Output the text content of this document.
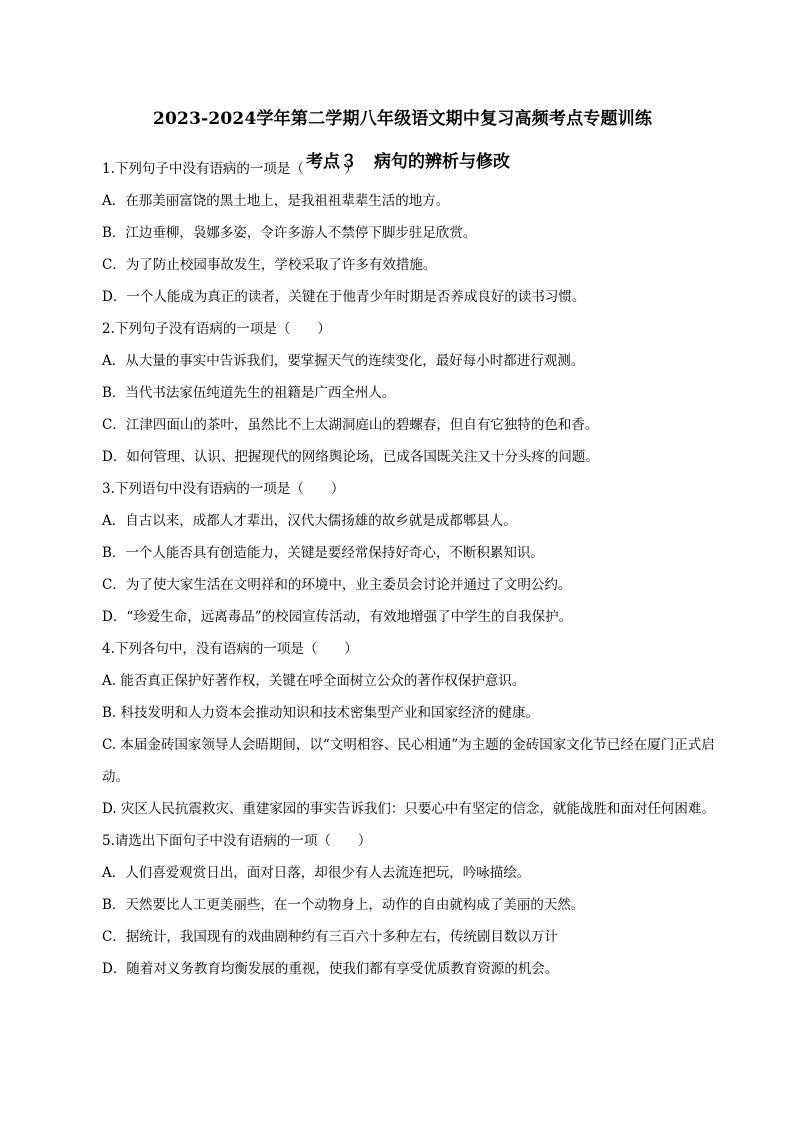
2023-2024学年第二学期八年级语文期中复习高频考点专题训练
考点３　病句的辨析与修改
1.下列句子中没有语病的一项是（　　　）
A．在那美丽富饶的黑土地上，是我祖祖辈辈生活的地方。
B．江边垂柳，袅娜多姿，令许多游人不禁停下脚步驻足欣赏。
C．为了防止校园事故发生，学校采取了许多有效措施。
D．一个人能成为真正的读者，关键在于他青少年时期是否养成良好的读书习惯。
2.下列句子没有语病的一项是（　　）
A．从大量的事实中告诉我们，要掌握天气的连续变化，最好每小时都进行观测。
B．当代书法家伍纯道先生的祖籍是广西全州人。
C．江津四面山的茶叶，虽然比不上太湖洞庭山的碧螺春，但自有它独特的色和香。
D．如何管理、认识、把握现代的网络舆论场，已成各国既关注又十分头疼的问题。
3.下列语句中没有语病的一项是（　　）
A．自古以来，成都人才辈出，汉代大儒扬雄的故乡就是成都郫县人。
B．一个人能否具有创造能力，关键是要经常保持好奇心，不断积累知识。
C．为了使大家生活在文明祥和的环境中，业主委员会讨论并通过了文明公约。
D．“珍爱生命，远离毒品”的校园宣传活动，有效地增强了中学生的自我保护。
4.下列各句中，没有语病的一项是（　　）
A. 能否真正保护好著作权，关键在呼全面树立公众的著作权保护意识。
B. 科技发明和人力资本会推动知识和技术密集型产业和国家经济的健康。
C. 本届金砖国家领导人会晤期间，以“文明相容、民心相通”为主题的金砖国家文化节已经在厦门正式启
动。
D. 灾区人民抗震救灾、重建家园的事实告诉我们：只要心中有坚定的信念，就能战胜和面对任何困难。
5.请选出下面句子中没有语病的一项（　　）
A．人们喜爱观赏日出，面对日落，却很少有人去流连把玩，吟咏描绘。
B．天然要比人工更美丽些，在一个动物身上，动作的自由就构成了美丽的天然。
C．据统计，我国现有的戏曲剧种约有三百六十多种左右，传统剧目数以万计
D．随着对义务教育均衡发展的重视，使我们都有享受优质教育资源的机会。
